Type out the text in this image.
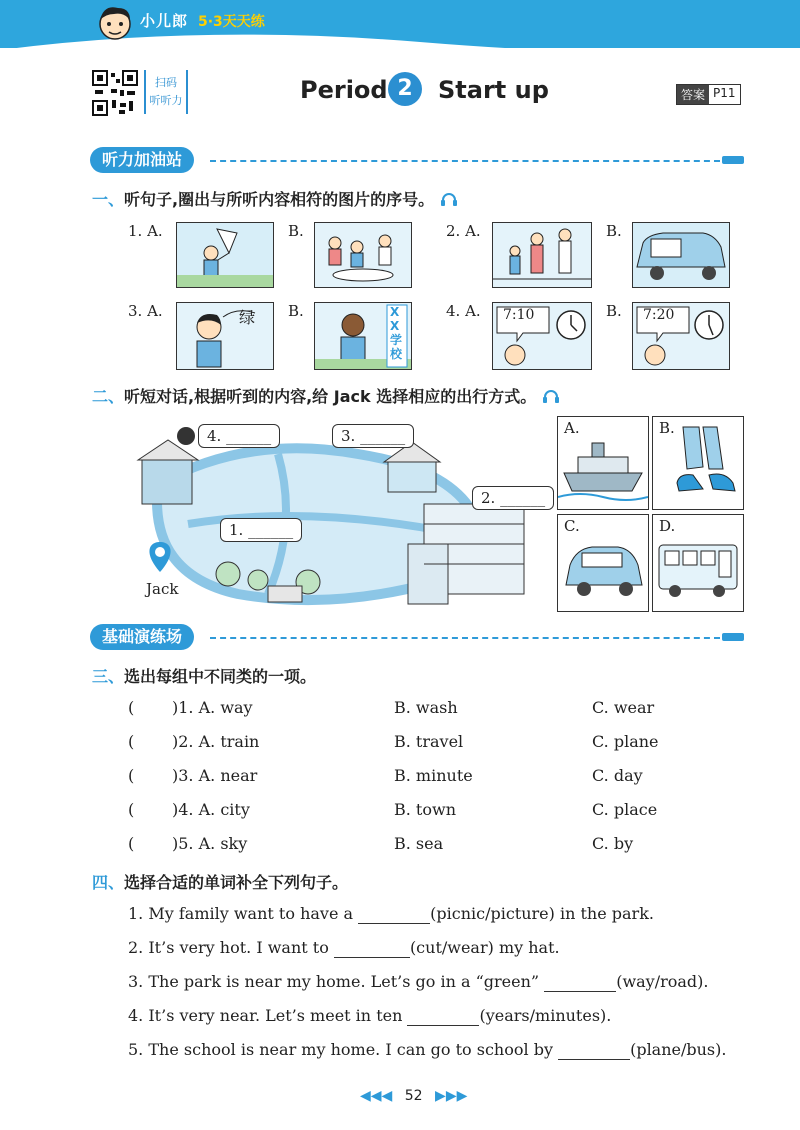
小儿郎 5·3天天练
扫码
听听力	Period 2	Start up	答案 P11
听力加油站
一、听句子,圈出与所听内容相符的图片的序号。
1. A.	B.	2. A.	B.
3. A.	绿 B.	XX学校
4. A. 7:10	B. 7:20
二、听短对话,根据听到的内容,给 Jack 选择相应的出行方式。
4. ______	3. ______
2. ______
1. ______
Jack
A.	B.
C.	D.
基础演练场
三、选出每组中不同类的一项。
( )1. A. way	B. wash	C. wear
( )2. A. train	B. travel	C. plane
( )3. A. near	B. minute	C. day
( )4. A. city	B. town	C. place
( )5. A. sky	B. sea	C. by
四、选择合适的单词补全下列句子。
1. My family want to have a	(picnic/picture) in the park.
2. It’s very hot. I want to	(cut/wear) my hat.
3. The park is near my home. Let’s go in a “green”	(way/road).
4. It’s very near. Let’s meet in ten	(years/minutes).
5. The school is near my home. I can go to school by	(plane/bus).
◀◀◀ 52 ▶▶▶
